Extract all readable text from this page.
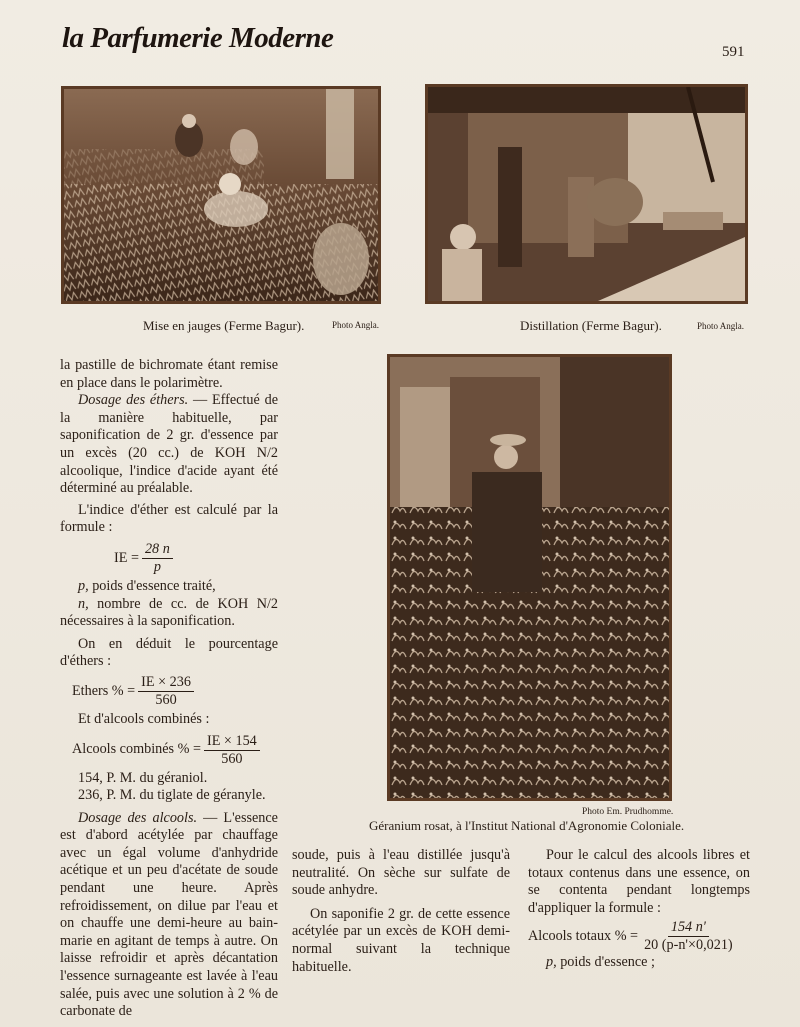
la Parfumerie Moderne	591
Mise en jauges (Ferme Bagur).	Photo Angla.	Distillation (Ferme Bagur).	Photo Angla.
Photo Em. Prudhomme.
Géranium rosat, à l'Institut National d'Agronomie Coloniale.

la pastille de bichromate étant remise en place dans le polarimètre.

Dosage des éthers. — Effectué de la manière habituelle, par saponification de 2 gr. d'essence par un excès (20 cc.) de KOH N/2 alcoolique, l'indice d'acide ayant été déterminé au préalable.

L'indice d'éther est calculé par la formule :

IE = $\frac{28 n}{p}$

p, poids d'essence traité,

n, nombre de cc. de KOH N/2 nécessaires à la saponification.

On en déduit le pourcentage d'éthers :

Ethers % = $\frac{IE \times 236}{560}$

Et d'alcools combinés :

Alcools combinés % = $\frac{IE \times 154}{560}$

154, P. M. du géraniol.

236, P. M. du tiglate de géranyle.

Dosage des alcools. — L'essence est d'abord acétylée par chauffage avec un égal volume d'anhydride acétique et un peu d'acétate de soude pendant une heure. Après refroidissement, on dilue par l'eau et on chauffe une demi-heure au bain-marie en agitant de temps à autre. On laisse refroidir et après décantation l'essence surnageante est lavée à l'eau salée, puis avec une solution à 2 % de carbonate de

soude, puis à l'eau distillée jusqu'à neutralité. On sèche sur sulfate de soude anhydre.

On saponifie 2 gr. de cette essence acétylée par un excès de KOH demi-normal suivant la technique habituelle.

Pour le calcul des alcools libres et totaux contenus dans une essence, on se contenta pendant longtemps d'appliquer la formule :

Alcools totaux % = $\frac{154 n'}{20 (p-n'\times 0,021)}$

p, poids d'essence ;
